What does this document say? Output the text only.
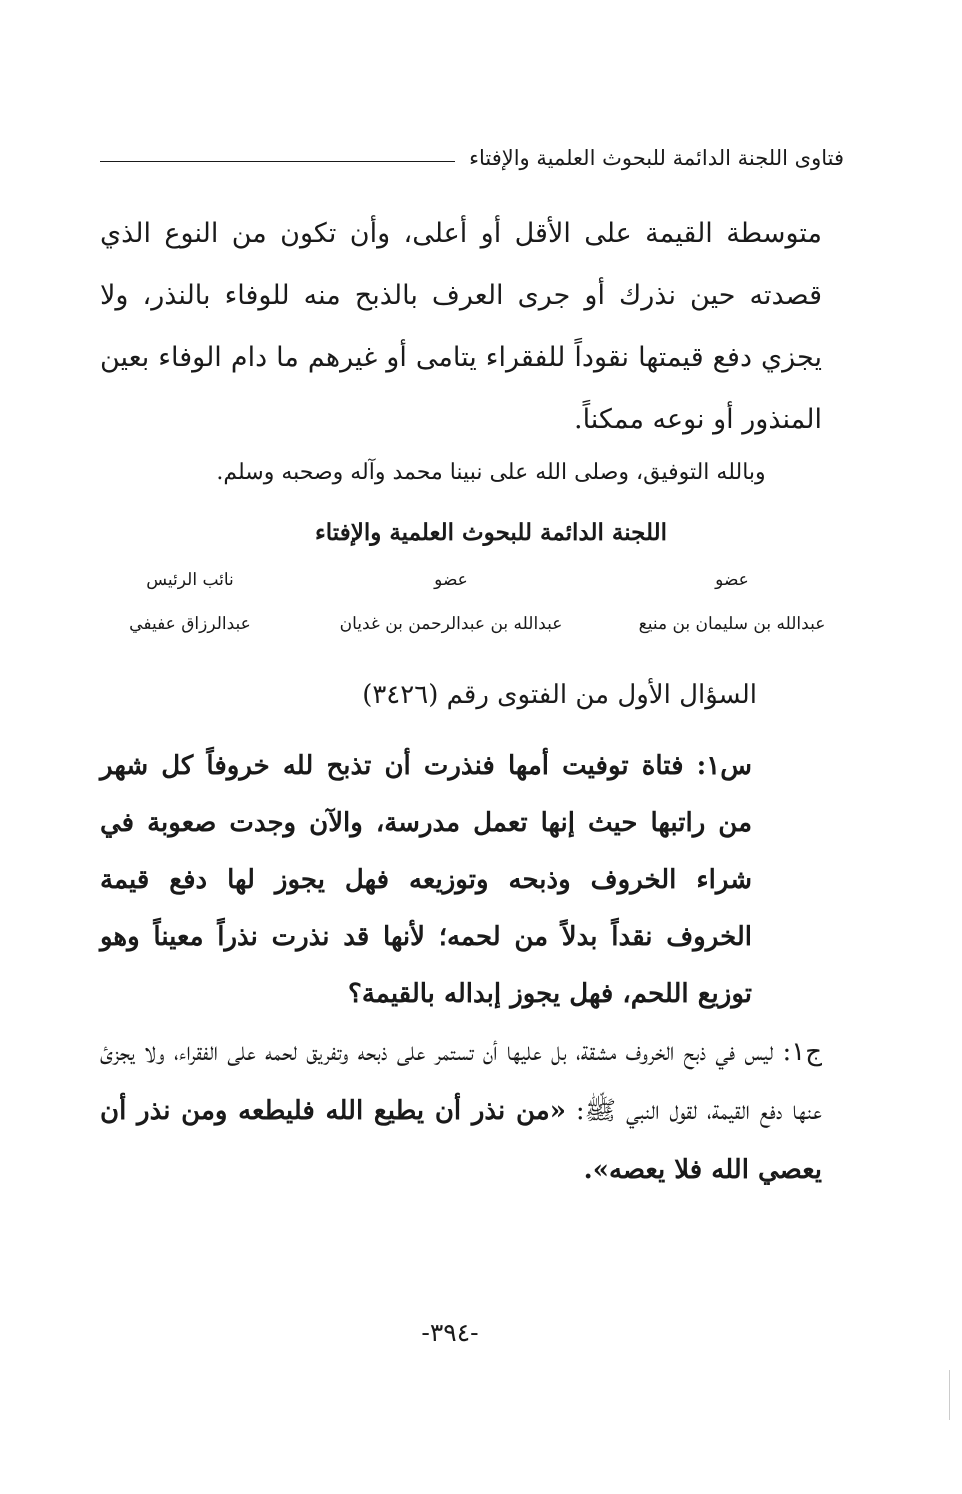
فتاوى اللجنة الدائمة للبحوث العلمية والإفتاء

متوسطة القيمة على الأقل أو أعلى، وأن تكون من النوع الذي قصدته حين نذرك أو جرى العرف بالذبح منه للوفاء بالنذر، ولا يجزي دفع قيمتها نقوداً للفقراء يتامى أو غيرهم ما دام الوفاء بعين المنذور أو نوعه ممكناً.

وبالله التوفيق، وصلى الله على نبينا محمد وآله وصحبه وسلم.
اللجنة الدائمة للبحوث العلمية والإفتاء
عضو
عضو
نائب الرئيس
عبدالله بن سليمان بن منيع
عبدالله بن عبدالرحمن بن غديان
عبدالرزاق عفيفي
السؤال الأول من الفتوى رقم (٣٤٢٦)

س١: فتاة توفيت أمها فنذرت أن تذبح لله خروفاً كل شهر من راتبها حيث إنها تعمل مدرسة، والآن وجدت صعوبة في شراء الخروف وذبحه وتوزيعه فهل يجوز لها دفع قيمة الخروف نقداً بدلاً من لحمه؛ لأنها قد نذرت نذراً معيناً وهو توزيع اللحم، فهل يجوز إبداله بالقيمة؟

ج١: ليس في ذبح الخروف مشقة، بل عليها أن تستمر على ذبحه وتفريق لحمه على الفقراء، ولا يجزئ عنها دفع القيمة، لقول النبي ﷺ: «من نذر أن يطيع الله فليطعه ومن نذر أن يعصي الله فلا يعصه».

-٣٩٤-
